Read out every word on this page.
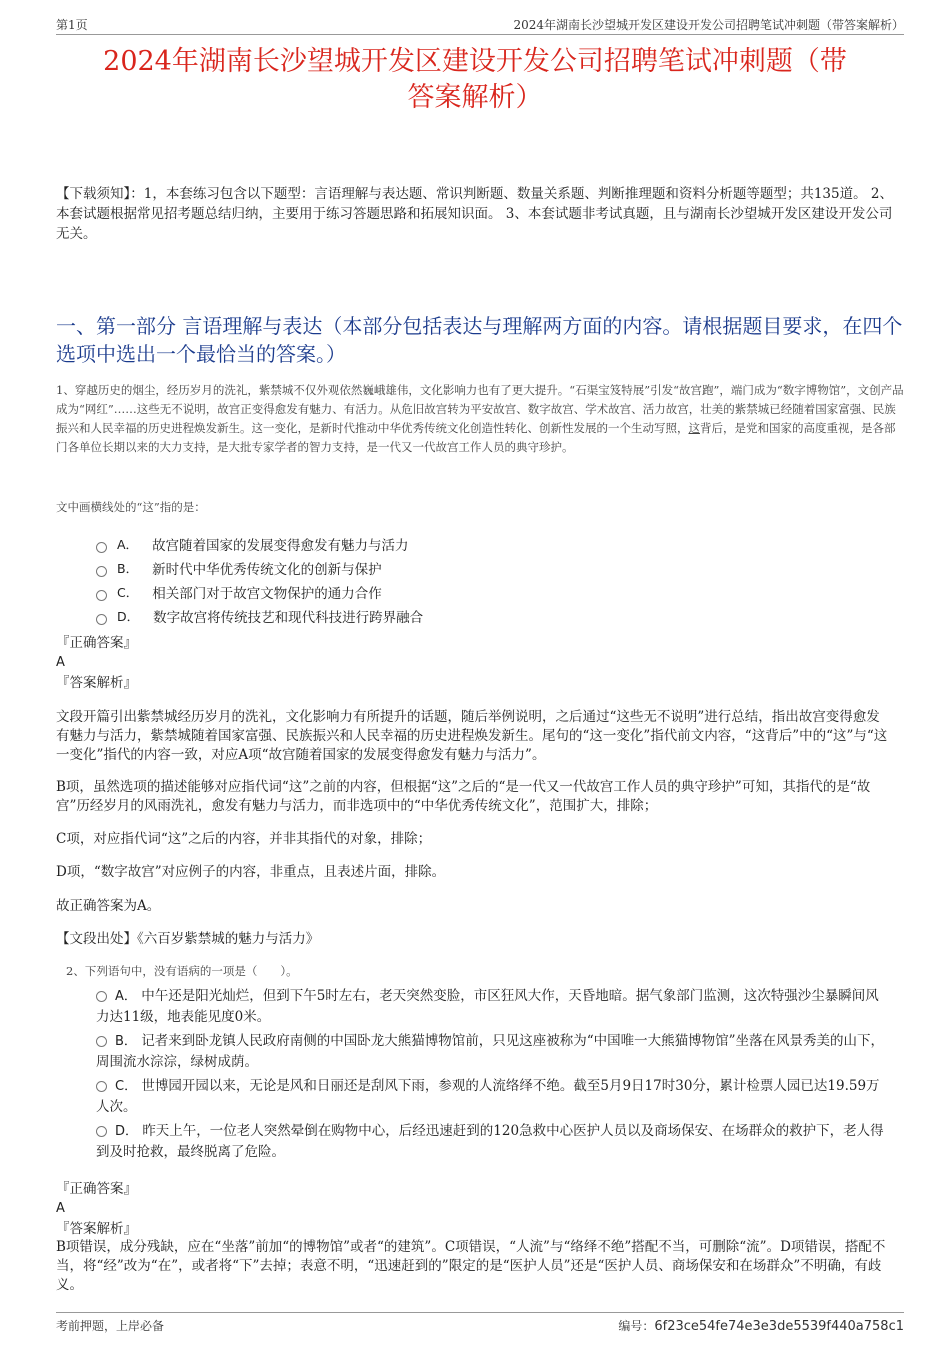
第1页	2024年湖南长沙望城开发区建设开发公司招聘笔试冲刺题（带答案解析）
2024年湖南长沙望城开发区建设开发公司招聘笔试冲刺题（带
答案解析）
【下载须知】：1，本套练习包含以下题型：言语理解与表达题、常识判断题、数量关系题、判断推理题和资料分析题等题型；共135道。 2、本套试题根据常见招考题总结归纳，主要用于练习答题思路和拓展知识面。 3、本套试题非考试真题，且与湖南长沙望城开发区建设开发公司无关。
一、第一部分 言语理解与表达（本部分包括表达与理解两方面的内容。请根据题目要求，在四个选项中选出一个最恰当的答案。）
1、穿越历史的烟尘，经历岁月的洗礼，紫禁城不仅外观依然巍峨雄伟，文化影响力也有了更大提升。“石渠宝笈特展”引发“故宫跑”，端门成为“数字博物馆”，文创产品成为“网红”……这些无不说明，故宫正变得愈发有魅力、有活力。从危旧故宫转为平安故宫、数字故宫、学术故宫、活力故宫，壮美的紫禁城已经随着国家富强、民族振兴和人民幸福的历史进程焕发新生。这一变化，是新时代推动中华优秀传统文化创造性转化、创新性发展的一个生动写照，这背后，是党和国家的高度重视，是各部门各单位长期以来的大力支持，是大批专家学者的智力支持，是一代又一代故宫工作人员的典守珍护。
文中画横线处的“这”指的是：
A． 故宫随着国家的发展变得愈发有魅力与活力
B． 新时代中华优秀传统文化的创新与保护
C． 相关部门对于故宫文物保护的通力合作
D． 数字故宫将传统技艺和现代科技进行跨界融合
『正确答案』
A
『答案解析』
文段开篇引出紫禁城经历岁月的洗礼，文化影响力有所提升的话题，随后举例说明，之后通过“这些无不说明”进行总结，指出故宫变得愈发有魅力与活力，紫禁城随着国家富强、民族振兴和人民幸福的历史进程焕发新生。尾句的“这一变化”指代前文内容，“这背后”中的“这”与“这一变化”指代的内容一致，对应A项“故宫随着国家的发展变得愈发有魅力与活力”。
B项，虽然选项的描述能够对应指代词“这”之前的内容，但根据“这”之后的“是一代又一代故宫工作人员的典守珍护”可知，其指代的是“故宫”历经岁月的风雨洗礼，愈发有魅力与活力，而非选项中的“中华优秀传统文化”，范围扩大，排除；
C项，对应指代词“这”之后的内容，并非其指代的对象，排除；
D项，“数字故宫”对应例子的内容，非重点，且表述片面，排除。
故正确答案为A。
【文段出处】《六百岁紫禁城的魅力与活力》
2、下列语句中，没有语病的一项是（　　）。
A． 中午还是阳光灿烂，但到下午5时左右，老天突然变脸，市区狂风大作，天昏地暗。据气象部门监测，这次特强沙尘暴瞬间风力达11级，地表能见度0米。
B． 记者来到卧龙镇人民政府南侧的中国卧龙大熊猫博物馆前，只见这座被称为“中国唯一大熊猫博物馆”坐落在风景秀美的山下，周围流水淙淙，绿树成荫。
C． 世博园开园以来，无论是风和日丽还是刮风下雨，参观的人流络绎不绝。截至5月9日17时30分，累计检票人园已达19.59万人次。
D． 昨天上午，一位老人突然晕倒在购物中心，后经迅速赶到的120急救中心医护人员以及商场保安、在场群众的救护下，老人得到及时抢救，最终脱离了危险。
『正确答案』
A
『答案解析』
B项错误，成分残缺，应在“坐落”前加“的博物馆”或者“的建筑”。C项错误，“人流”与“络绎不绝”搭配不当，可删除“流”。D项错误，搭配不当，将“经”改为“在”，或者将“下”去掉；表意不明，“迅速赶到的”限定的是“医护人员”还是“医护人员、商场保安和在场群众”不明确，有歧义。
考前押题，上岸必备	编号：6f23ce54fe74e3e3de5539f440a758c1
